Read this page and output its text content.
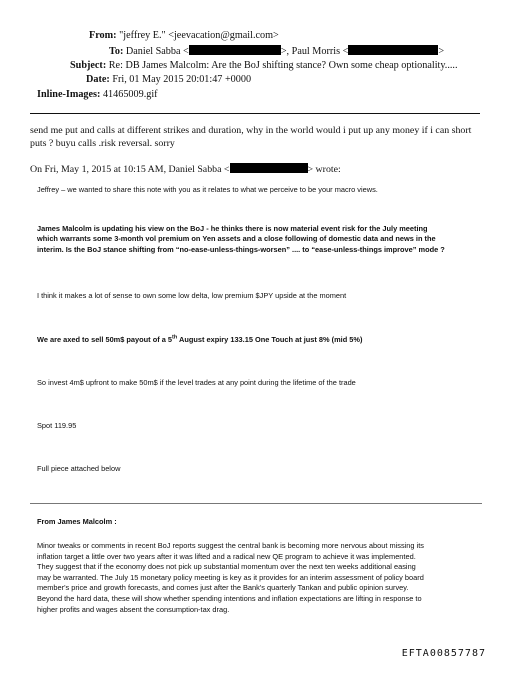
From: "jeffrey E." <jeevacation@gmail.com>
To: Daniel Sabba <	>, Paul Morris <	>
Subject: Re: DB James Malcolm: Are the BoJ shifting stance? Own some cheap optionality.....
Date: Fri, 01 May 2015 20:01:47 +0000
Inline-Images: 41465009.gif
send me put and calls at different strikes and duration, why in the world would i put up any money if i can short
puts ? buyu calls .risk reversal. sorry
On Fri, May 1, 2015 at 10:15 AM, Daniel Sabba <	> wrote:
Jeffrey – we wanted to share this note with you as it relates to what we perceive to be your macro views.
James Malcolm is updating his view on the BoJ - he thinks there is now material event risk for the July meeting
which warrants some 3-month vol premium on Yen assets and a close following of domestic data and news in the
interim. Is the BoJ stance shifting from “no-ease-unless-things-worsen” .... to “ease-unless-things improve” mode ?
I think it makes a lot of sense to own some low delta, low premium $JPY upside at the moment
We are axed to sell 50m$ payout of a 5th August expiry 133.15 One Touch at just 8% (mid 5%)
So invest 4m$ upfront to make 50m$ if the level trades at any point during the lifetime of the trade
Spot 119.95
Full piece attached below
From James Malcolm :
Minor tweaks or comments in recent BoJ reports suggest the central bank is becoming more nervous about missing its
inflation target a little over two years after it was lifted and a radical new QE program to achieve it was implemented.
They suggest that if the economy does not pick up substantial momentum over the next ten weeks additional easing
may be warranted. The July 15 monetary policy meeting is key as it provides for an interim assessment of policy board
member's price and growth forecasts, and comes just after the Bank's quarterly Tankan and public opinion survey.
Beyond the hard data, these will show whether spending intentions and inflation expectations are lifting in response to
higher profits and wages absent the consumption-tax drag.
EFTA00857787
